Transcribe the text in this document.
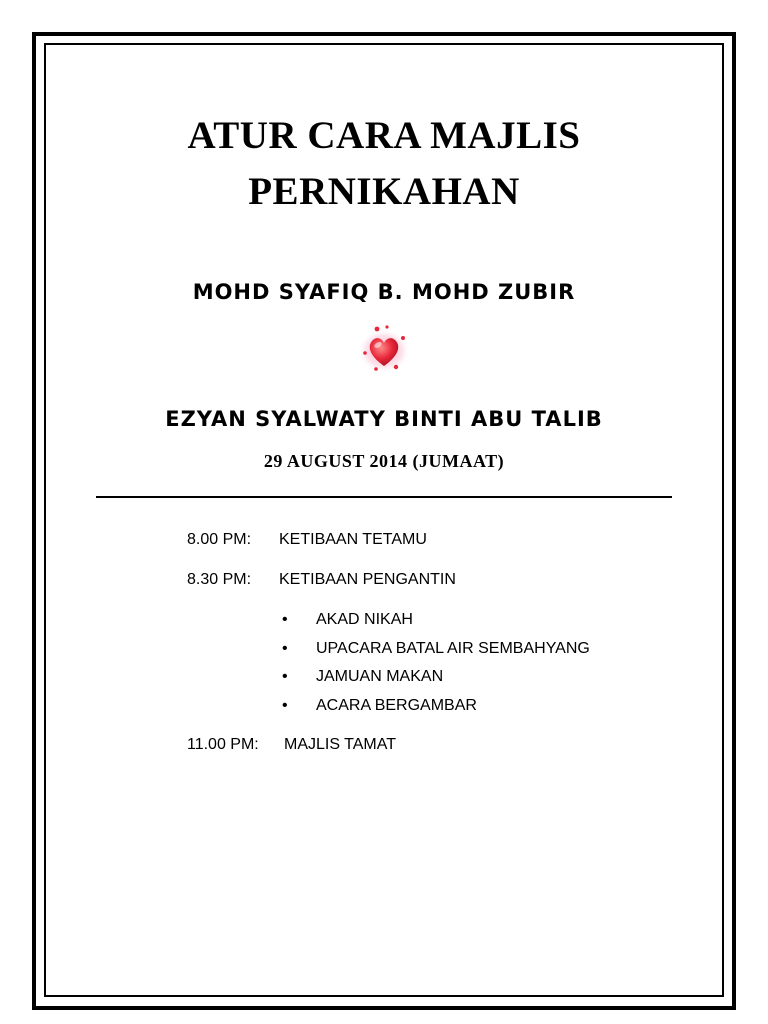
ATUR CARA MAJLIS
PERNIKAHAN
MOHD SYAFIQ B. MOHD ZUBIR
EZYAN SYALWATY BINTI ABU TALIB
29 AUGUST 2014 (JUMAAT)
8.00 PM: KETIBAAN TETAMU
8.30 PM: KETIBAAN PENGANTIN
• AKAD NIKAH
• UPACARA BATAL AIR SEMBAHYANG
• JAMUAN MAKAN
• ACARA BERGAMBAR
11.00 PM: MAJLIS TAMAT
